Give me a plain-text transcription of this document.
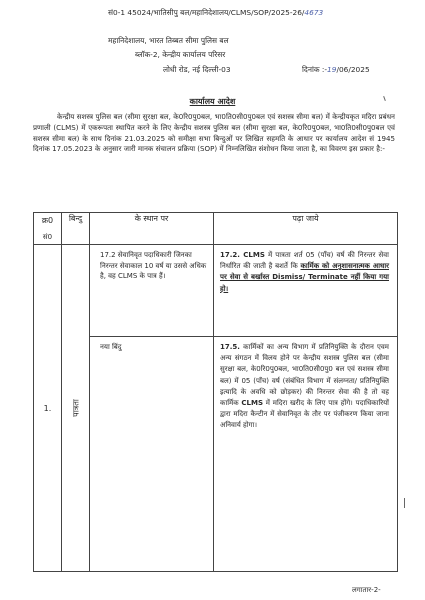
सं0-1 45024/भातिसीपु बल/महानिदेशालय/CLMS/SOP/2025-26/4673
महानिदेशालय, भारत तिब्बत सीमा पुलिस बल
ब्लॉक-2, केन्द्रीय कार्यालय परिसर
लोधी रोड, नई दिल्ली-03	दिनांक :-19/06/2025
कार्यालय आदेश

केन्द्रीय सशस्त्र पुलिस बल (सीमा सुरक्षा बल, के0रि0पु0बल, भा0ति0सी0पु0बल एवं सशस्त्र सीमा बल) में केन्द्रीयकृत मदिरा प्रबंधन प्रणाली (CLMS) में एकरूपता स्थापित करने के लिए केन्द्रीय सशस्त्र पुलिस बल (सीमा सुरक्षा बल, के0रि0पु0बल, भा0ति0सी0पु0बल एवं सशस्त्र सीमा बल) के साथ दिनांक 21.03.2025 को समीक्षा सभा बिन्दुओं पर लिखित सहमति के आधार पर कार्यालय आदेश सं 1945 दिनांक 17.05.2023 के अनुसार जारी मानक संचालन प्रक्रिया (SOP) में निम्नलिखित संशोधन किया जाता है, का विवरण इस प्रकार है:-

क्र0
सं0	बिन्दु	के स्थान पर	पढ़ा जाये
1.	पात्रता	17.2 सेवानिवृत पदाधिकारी जिनका निरन्तर सेवाकाल 10 वर्ष या उससे अधिक है, वह CLMS के पात्र हैं।	17.2. CLMS में पात्रता शर्त 05 (पाँच) वर्ष की निरन्तर सेवा निर्धारित की जाती है बशर्ते कि कार्मिक को अनुशासनात्मक आधार पर सेवा से बर्खास्त Dismiss/ Terminate नहीं किया गया हो।

		नया बिंदु	17.5. कार्मिकों का अन्य विभाग में प्रतिनियुक्ति के दौरान एवम अन्य संगठन में विलय होने पर केन्द्रीय सशस्त्र पुलिस बल (सीमा सुरक्षा बल, के0रि0पु0बल, भा0ति0सी0पु0 बल एवं सशस्त्र सीमा बल) में 05 (पाँच) वर्ष (संबंधित विभाग में संलग्नता/ प्रतिनियुक्ति इत्यादि के अवधि को छोड़कर) की निरन्तर सेवा की है तो वह कार्मिक CLMS में मदिरा खरीद के लिए पात्र होंगे। पदाधिकारियों द्वारा मदिरा कैन्टीन में सेवानिवृत के तौर पर पंजीकरण किया जाना अनिवार्य होगा।
लगातार-2-
